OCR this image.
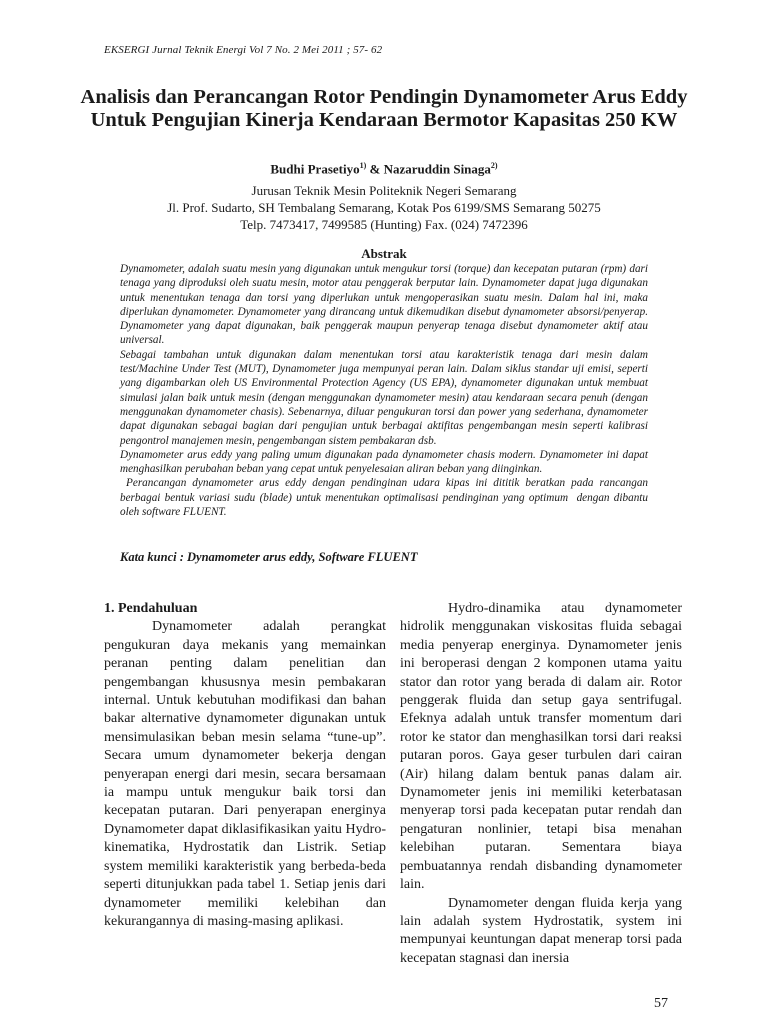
EKSERGI Jurnal Teknik Energi Vol 7 No. 2 Mei 2011 ; 57- 62
Analisis dan Perancangan Rotor Pendingin Dynamometer Arus Eddy
Untuk Pengujian Kinerja Kendaraan Bermotor Kapasitas 250 KW
Budhi Prasetiyo$^{1)}$ & Nazaruddin Sinaga$^{2)}$
Jurusan Teknik Mesin Politeknik Negeri Semarang
Jl. Prof. Sudarto, SH Tembalang Semarang, Kotak Pos 6199/SMS Semarang 50275
Telp. 7473417, 7499585 (Hunting) Fax. (024) 7472396
Abstrak

Dynamometer, adalah suatu mesin yang digunakan untuk mengukur torsi (torque) dan kecepatan putaran (rpm) dari tenaga yang diproduksi oleh suatu mesin, motor atau penggerak berputar lain. Dynamometer dapat juga digunakan untuk menentukan tenaga dan torsi yang diperlukan untuk mengoperasikan suatu mesin. Dalam hal ini, maka diperlukan dynamometer. Dynamometer yang dirancang untuk dikemudikan disebut dynamometer absorsi/penyerap. Dynamometer yang dapat digunakan, baik penggerak maupun penyerap tenaga disebut dynamometer aktif atau universal.

Sebagai tambahan untuk digunakan dalam menentukan torsi atau karakteristik tenaga dari mesin dalam test/Machine Under Test (MUT), Dynamometer juga mempunyai peran lain. Dalam siklus standar uji emisi, seperti yang digambarkan oleh US Environmental Protection Agency (US EPA), dynamometer digunakan untuk membuat simulasi jalan baik untuk mesin (dengan menggunakan dynamometer mesin) atau kendaraan secara penuh (dengan menggunakan dynamometer chasis). Sebenarnya, diluar pengukuran torsi dan power yang sederhana, dynamometer dapat digunakan sebagai bagian dari pengujian untuk berbagai aktifitas pengembangan mesin seperti kalibrasi pengontrol manajemen mesin, pengembangan sistem pembakaran dsb.

Dynamometer arus eddy yang paling umum digunakan pada dynamometer chasis modern. Dynamometer ini dapat menghasilkan perubahan beban yang cepat untuk penyelesaian aliran beban yang diinginkan.

Perancangan dynamometer arus eddy dengan pendinginan udara kipas ini dititik beratkan pada rancangan berbagai bentuk variasi sudu (blade) untuk menentukan optimalisasi pendinginan yang optimum  dengan dibantu oleh software FLUENT.

Kata kunci : Dynamometer arus eddy, Software FLUENT

1. Pendahuluan

Dynamometer adalah perangkat pengukuran daya mekanis yang memainkan peranan penting dalam penelitian dan pengembangan khususnya mesin pembakaran internal. Untuk kebutuhan modifikasi dan bahan bakar alternative dynamometer digunakan untuk mensimulasikan beban mesin selama “tune-up”. Secara umum dynamometer bekerja dengan penyerapan energi dari mesin, secara bersamaan ia mampu untuk mengukur baik torsi dan kecepatan putaran. Dari penyerapan energinya Dynamometer dapat diklasifikasikan yaitu Hydro-kinematika, Hydrostatik dan Listrik. Setiap system memiliki karakteristik yang berbeda-beda seperti ditunjukkan pada tabel 1. Setiap jenis dari dynamometer memiliki kelebihan dan kekurangannya di masing-masing aplikasi.

Hydro-dinamika atau dynamometer hidrolik menggunakan viskositas fluida sebagai media penyerap energinya. Dynamometer jenis ini beroperasi dengan 2 komponen utama yaitu stator dan rotor yang berada di dalam air. Rotor penggerak fluida dan setup gaya sentrifugal. Efeknya adalah untuk transfer momentum dari rotor ke stator dan menghasilkan torsi dari reaksi putaran poros. Gaya geser turbulen dari cairan (Air) hilang dalam bentuk panas dalam air. Dynamometer jenis ini memiliki keterbatasan menyerap torsi pada kecepatan putar rendah dan pengaturan nonlinier, tetapi bisa menahan kelebihan putaran. Sementara biaya pembuatannya rendah disbanding dynamometer lain.

Dynamometer dengan fluida kerja yang lain adalah system Hydrostatik, system ini mempunyai keuntungan dapat menerap torsi pada kecepatan stagnasi dan inersia

57
